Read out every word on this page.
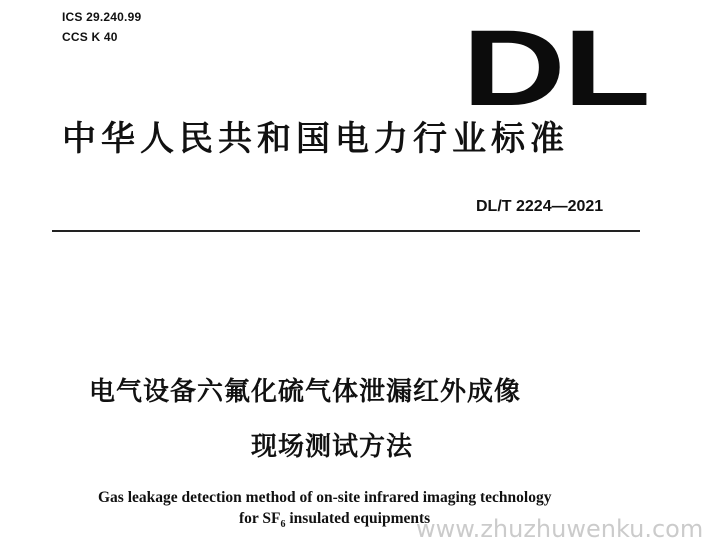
ICS 29.240.99
CCS K 40	DL
中华人民共和国电力行业标准
DL/T 2224—2021
电气设备六氟化硫气体泄漏红外成像
现场测试方法
Gas leakage detection method of on-site infrared imaging technology
for $SF_6$ insulated equipments
www.zhuzhuwenku.com
